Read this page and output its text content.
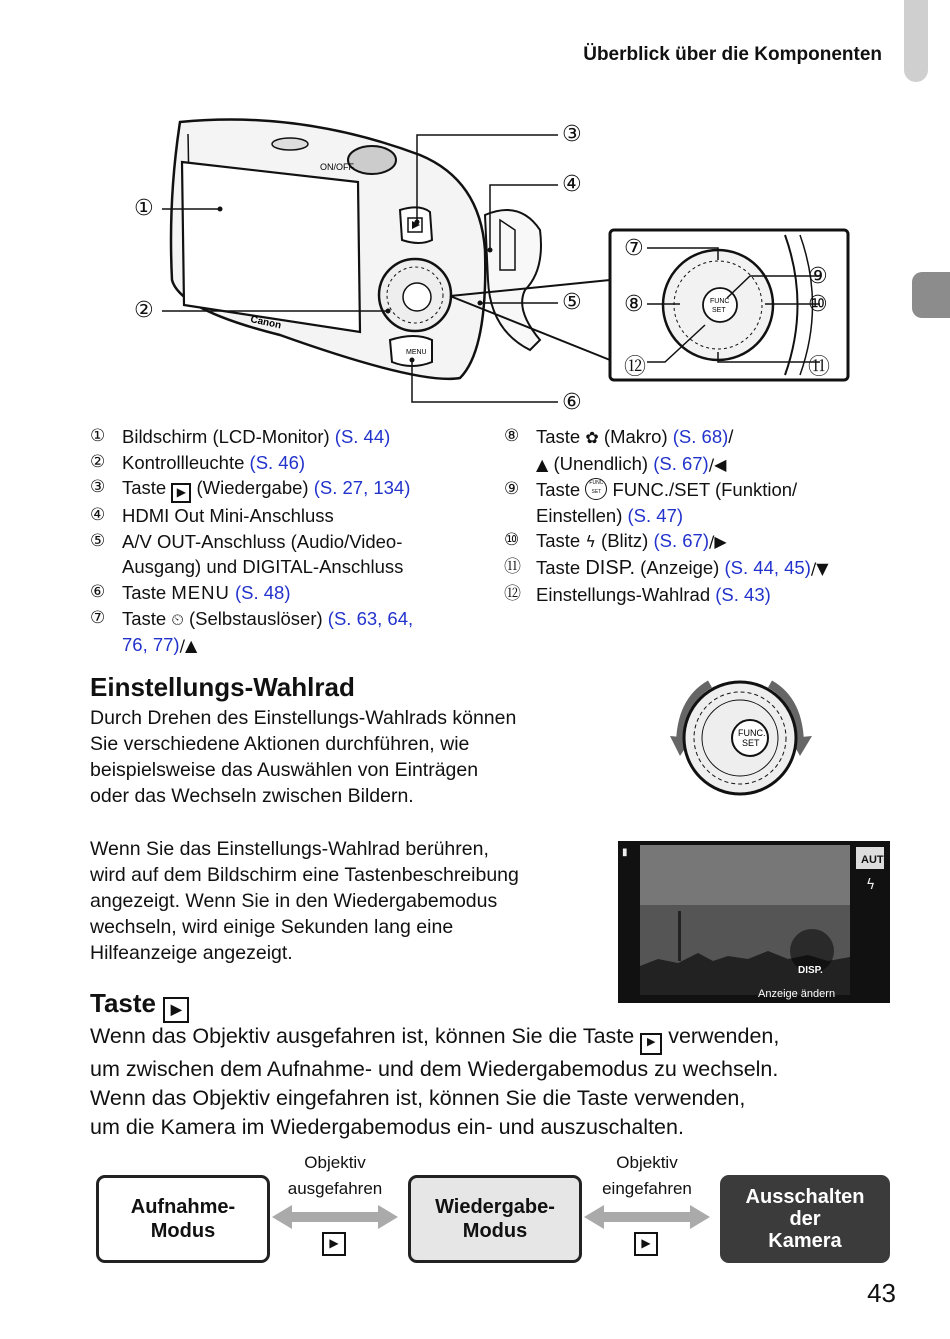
Überblick über die Komponenten
ON/OFF
MENU
Canon
FUNC
SET
①
②
③
④
⑤
⑥
⑦
⑧
⑨
⑩
⑪
⑫
① Bildschirm (LCD-Monitor) (S. 44)
② Kontrollleuchte (S. 46)
③ Taste ▶ (Wiedergabe) (S. 27, 134)
④ HDMI Out Mini-Anschluss
⑤ A/V OUT-Anschluss (Audio/Video-
Ausgang) und DIGITAL-Anschluss
⑥ Taste MENU (S. 48)
⑦ Taste ⏲ (Selbstauslöser) (S. 63, 64,
76, 77)/▲
⑧ Taste ✿ (Makro) (S. 68)/
▲ (Unendlich) (S. 67)/◀
⑨ Taste FUNC SET FUNC./SET (Funktion/
Einstellen) (S. 47)
⑩ Taste ϟ (Blitz) (S. 67)/▶
⑪ Taste DISP. (Anzeige) (S. 44, 45)/▼
⑫ Einstellungs-Wahlrad (S. 43)
Einstellungs-Wahlrad
Durch Drehen des Einstellungs-Wahlrads können
Sie verschiedene Aktionen durchführen, wie
beispielsweise das Auswählen von Einträgen
oder das Wechseln zwischen Bildern.
FUNC.
SET
Wenn Sie das Einstellungs-Wahlrad berühren,
wird auf dem Bildschirm eine Tastenbeschreibung
angezeigt. Wenn Sie in den Wiedergabemodus
wechseln, wird einige Sekunden lang eine
Hilfeanzeige angezeigt.
AUTO
▮
ϟ
DISP.
Anzeige ändern
Taste ▶
Wenn das Objektiv ausgefahren ist, können Sie die Taste ▶ verwenden,
um zwischen dem Aufnahme- und dem Wiedergabemodus zu wechseln.
Wenn das Objektiv eingefahren ist, können Sie die Taste verwenden,
um die Kamera im Wiedergabemodus ein- und auszuschalten.
Aufnahme-
Modus
Wiedergabe-
Modus
Ausschalten
der
Kamera
Objektiv
ausgefahren
Objektiv
eingefahren
▶	▶
43
